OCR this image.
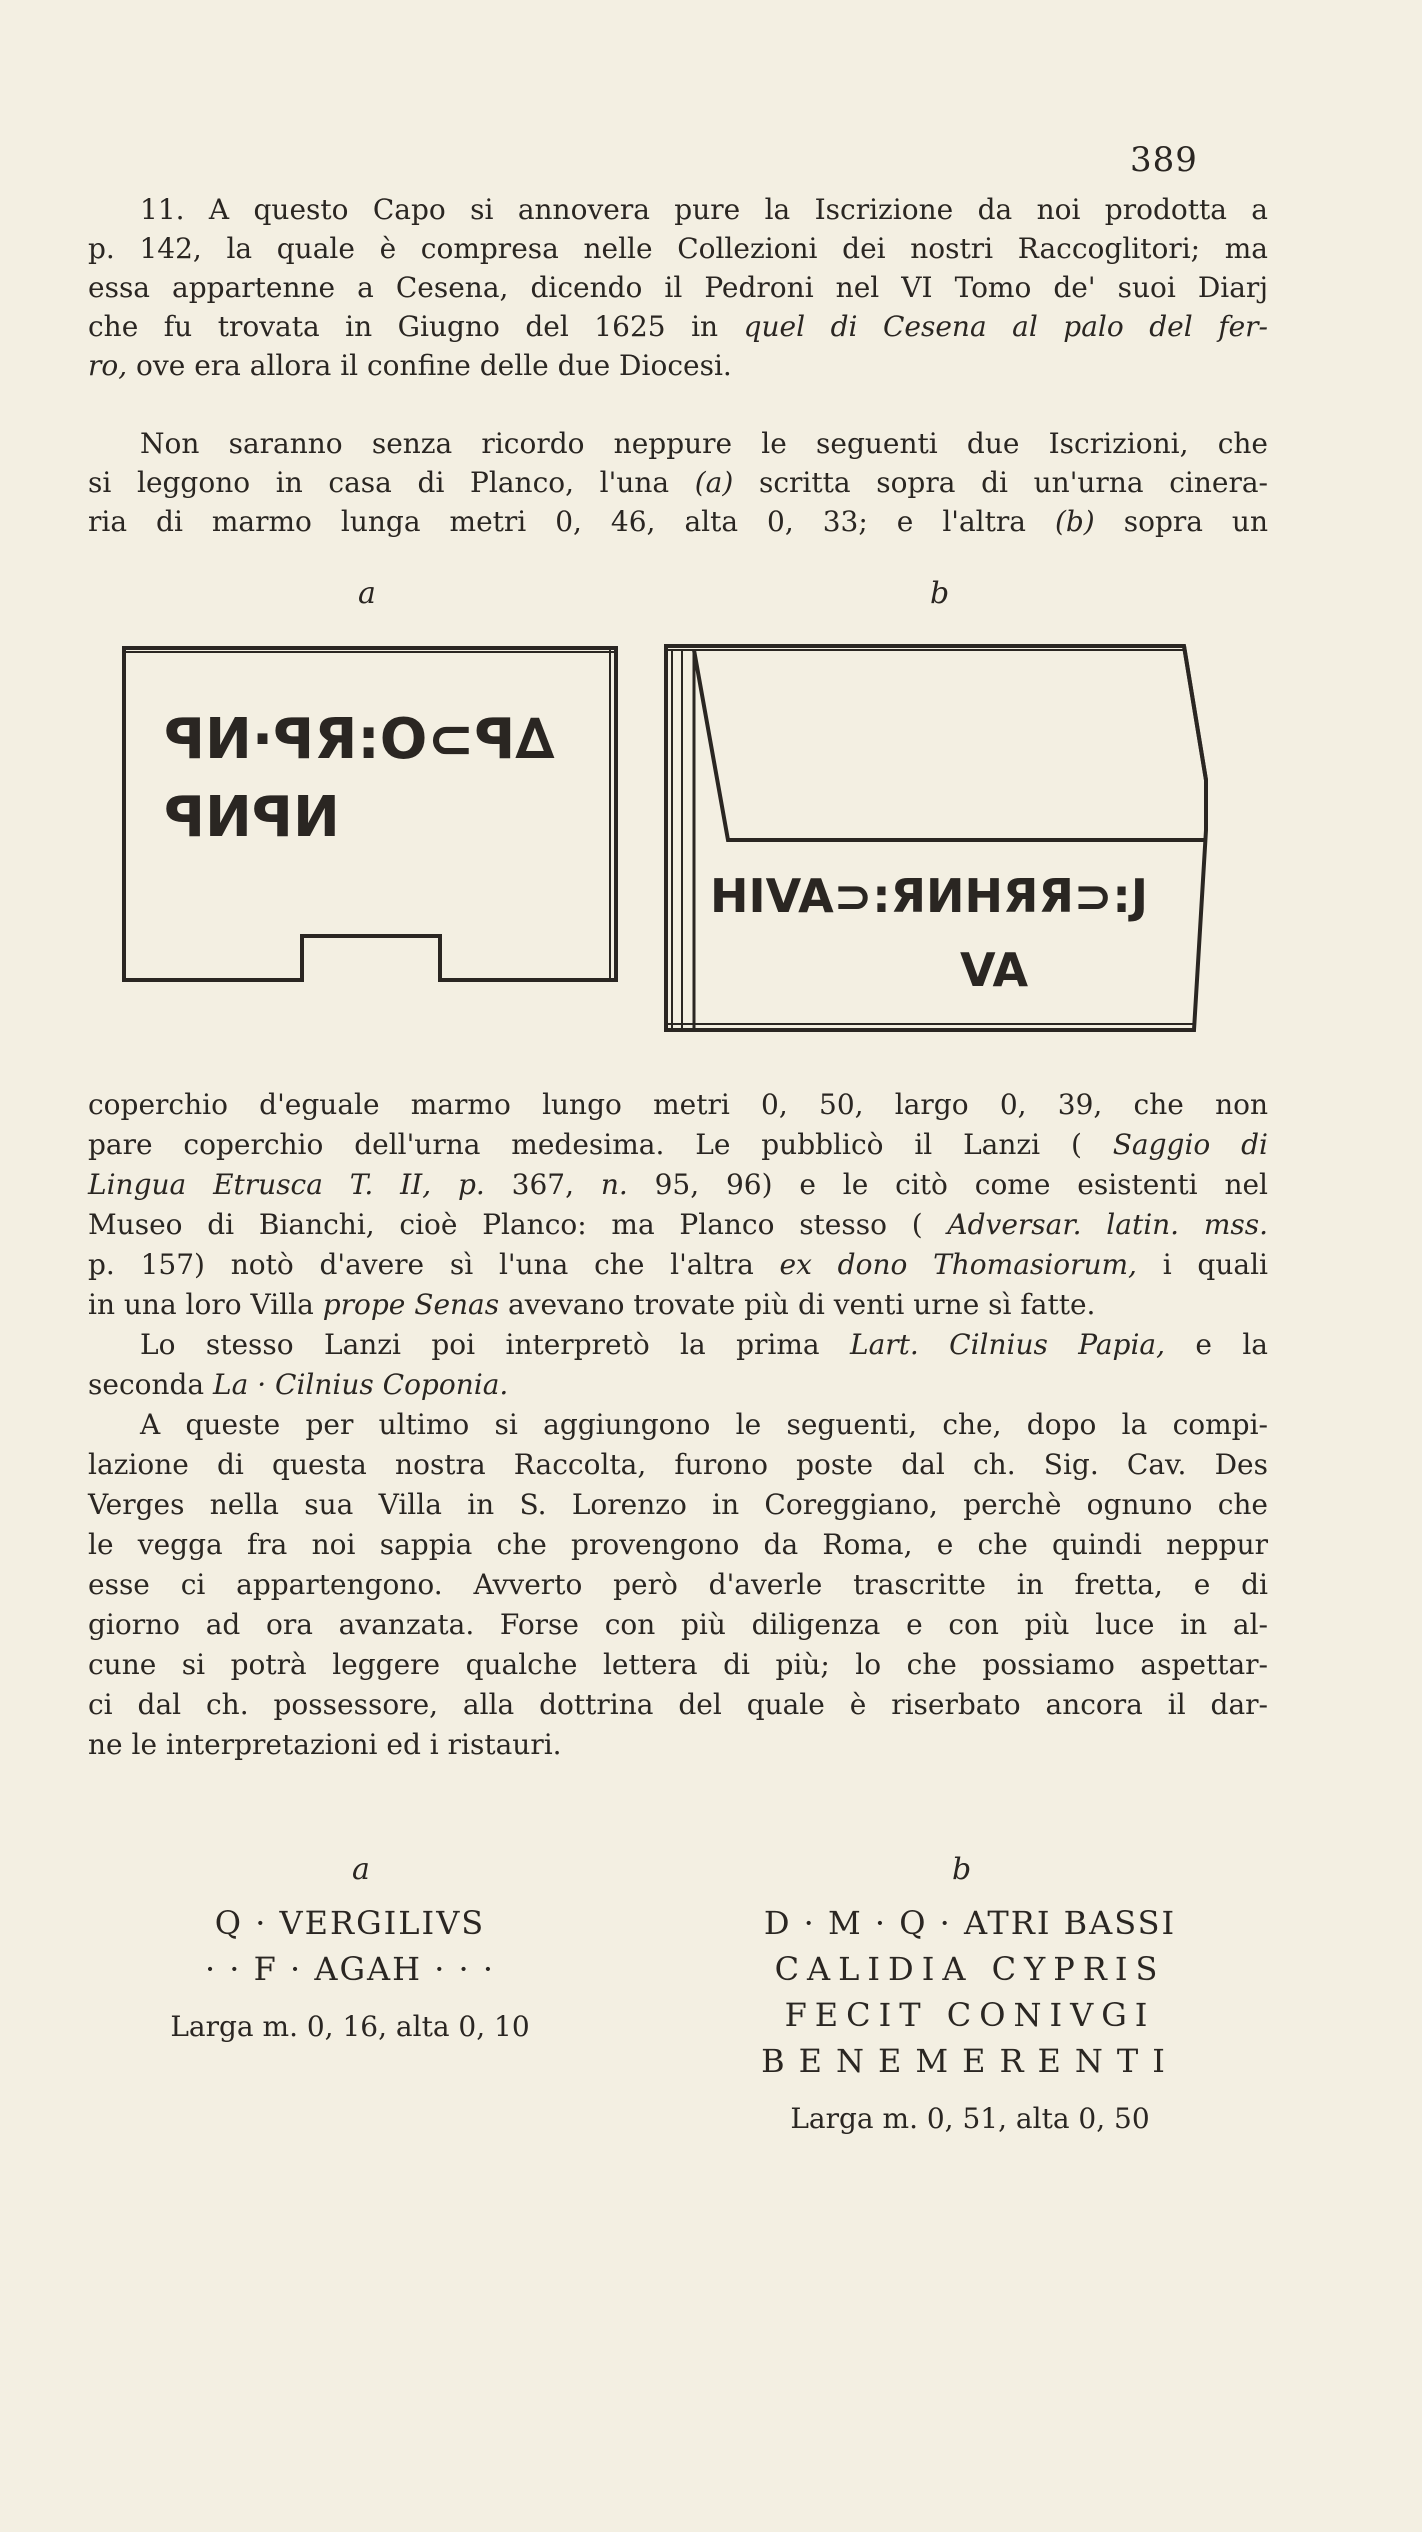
389
11. A questo Capo si annovera pure la Iscrizione da noi prodotta a
p. 142, la quale è compresa nelle Collezioni dei nostri Raccoglitori; ma
essa appartenne a Cesena, dicendo il Pedroni nel VI Tomo de' suoi Diarj
che fu trovata in Giugno del 1625 in quel di Cesena al palo del fer-
ro, ove era allora il confine delle due Diocesi.
Non saranno senza ricordo neppure le seguenti due Iscrizioni, che
si leggono in casa di Planco, l'una (a) scritta sopra di un'urna cinera-
ria di marmo lunga metri 0, 46, alta 0, 33; e l'altra (b) sopra un
a	b
ꟼИ·ꟼЯ:O⊂ꟼ∆
ꟼИꟼИ
HIVA⊃:ЯИHЯЯ⊃:J
VA
coperchio d'eguale marmo lungo metri 0, 50, largo 0, 39, che non
pare coperchio dell'urna medesima. Le pubblicò il Lanzi ( Saggio di
Lingua Etrusca T. II, p. 367, n. 95, 96) e le citò come esistenti nel
Museo di Bianchi, cioè Planco: ma Planco stesso ( Adversar. latin. mss.
p. 157) notò d'avere sì l'una che l'altra ex dono Thomasiorum, i quali
in una loro Villa prope Senas avevano trovate più di venti urne sì fatte.
Lo stesso Lanzi poi interpretò la prima Lart. Cilnius Papia, e la
seconda La · Cilnius Coponia.
A queste per ultimo si aggiungono le seguenti, che, dopo la compi-
lazione di questa nostra Raccolta, furono poste dal ch. Sig. Cav. Des
Verges nella sua Villa in S. Lorenzo in Coreggiano, perchè ognuno che
le vegga fra noi sappia che provengono da Roma, e che quindi neppur
esse ci appartengono. Avverto però d'averle trascritte in fretta, e di
giorno ad ora avanzata. Forse con più diligenza e con più luce in al-
cune si potrà leggere qualche lettera di più; lo che possiamo aspettar-
ci dal ch. possessore, alla dottrina del quale è riserbato ancora il dar-
ne le interpretazioni ed i ristauri.
a	b
Q · VERGILIVS
· · F · AGAH · · ·
Larga m. 0, 16, alta 0, 10
D · M · Q · ATRI BASSI
CALIDIA CYPRIS
FECIT CONIVGI
BENEMERENTI
Larga m. 0, 51, alta 0, 50
